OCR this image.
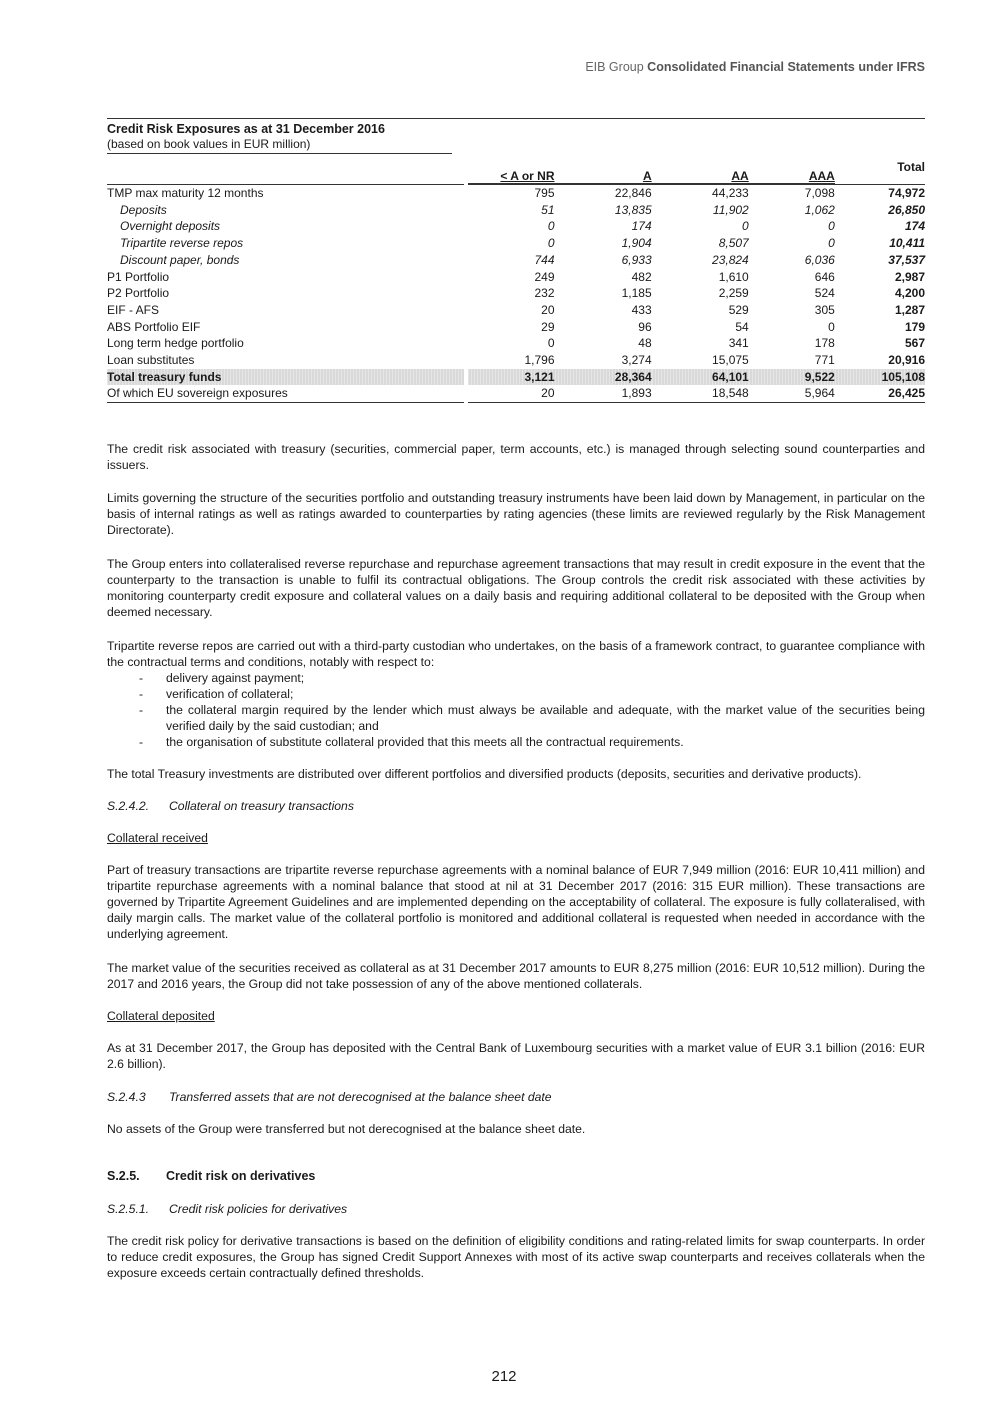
EIB Group Consolidated Financial Statements under IFRS
Credit Risk Exposures as at 31 December 2016
(based on book values in EUR million)
		< A or NR	A	AA	AAA	Total
TMP max maturity 12 months		795	22,846	44,233	7,098	74,972
Deposits		51	13,835	11,902	1,062	26,850
Overnight deposits		0	174	0	0	174
Tripartite reverse repos		0	1,904	8,507	0	10,411
Discount paper, bonds		744	6,933	23,824	6,036	37,537
P1 Portfolio		249	482	1,610	646	2,987
P2 Portfolio		232	1,185	2,259	524	4,200
EIF - AFS		20	433	529	305	1,287
ABS Portfolio EIF		29	96	54	0	179
Long term hedge portfolio		0	48	341	178	567
Loan substitutes		1,796	3,274	15,075	771	20,916
Total treasury funds		3,121	28,364	64,101	9,522	105,108
Of which EU sovereign exposures		20	1,893	18,548	5,964	26,425

The credit risk associated with treasury (securities, commercial paper, term accounts, etc.) is managed through selecting sound counterparties and issuers.

Limits governing the structure of the securities portfolio and outstanding treasury instruments have been laid down by Management, in particular on the basis of internal ratings as well as ratings awarded to counterparties by rating agencies (these limits are reviewed regularly by the Risk Management Directorate).

The Group enters into collateralised reverse repurchase and repurchase agreement transactions that may result in credit exposure in the event that the counterparty to the transaction is unable to fulfil its contractual obligations. The Group controls the credit risk associated with these activities by monitoring counterparty credit exposure and collateral values on a daily basis and requiring additional collateral to be deposited with the Group when deemed necessary.

Tripartite reverse repos are carried out with a third-party custodian who undertakes, on the basis of a framework contract, to guarantee compliance with the contractual terms and conditions, notably with respect to:

- delivery against payment;
- verification of collateral;
- the collateral margin required by the lender which must always be available and adequate, with the market value of the securities being verified daily by the said custodian; and
- the organisation of substitute collateral provided that this meets all the contractual requirements.

The total Treasury investments are distributed over different portfolios and diversified products (deposits, securities and derivative products).

S.2.4.2. Collateral on treasury transactions
Collateral received

Part of treasury transactions are tripartite reverse repurchase agreements with a nominal balance of EUR 7,949 million (2016: EUR 10,411 million) and tripartite repurchase agreements with a nominal balance that stood at nil at 31 December 2017 (2016: 315 EUR million). These transactions are governed by Tripartite Agreement Guidelines and are implemented depending on the acceptability of collateral. The exposure is fully collateralised, with daily margin calls. The market value of the collateral portfolio is monitored and additional collateral is requested when needed in accordance with the underlying agreement.

The market value of the securities received as collateral as at 31 December 2017 amounts to EUR 8,275 million (2016: EUR 10,512 million). During the 2017 and 2016 years, the Group did not take possession of any of the above mentioned collaterals.

Collateral deposited

As at 31 December 2017, the Group has deposited with the Central Bank of Luxembourg securities with a market value of EUR 3.1 billion (2016: EUR 2.6 billion).

S.2.4.3 Transferred assets that are not derecognised at the balance sheet date

No assets of the Group were transferred but not derecognised at the balance sheet date.

S.2.5. Credit risk on derivatives
S.2.5.1. Credit risk policies for derivatives

The credit risk policy for derivative transactions is based on the definition of eligibility conditions and rating-related limits for swap counterparts. In order to reduce credit exposures, the Group has signed Credit Support Annexes with most of its active swap counterparts and receives collaterals when the exposure exceeds certain contractually defined thresholds.

212
